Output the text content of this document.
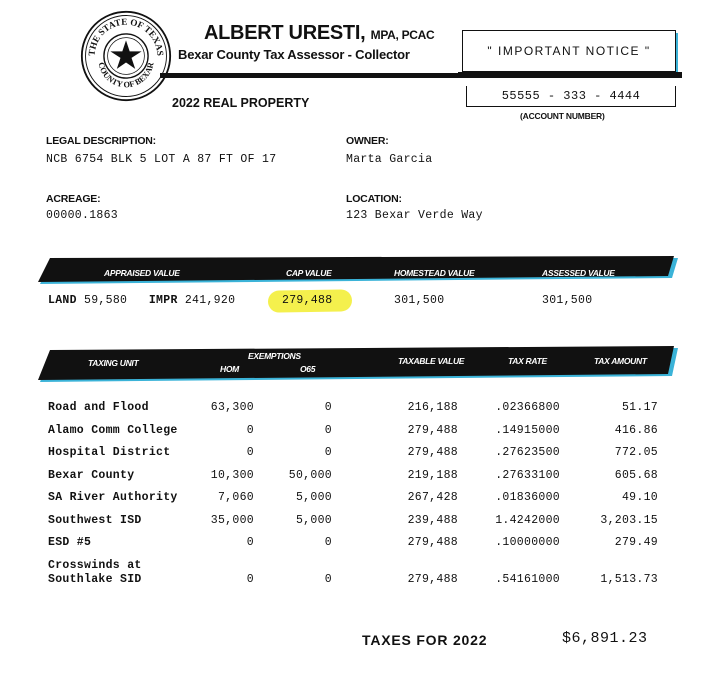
THE STATE OF TEXAS
COUNTY OF BEXAR
ALBERT URESTI, MPA, PCAC
Bexar County Tax Assessor - Collector	" IMPORTANT NOTICE "
2022 REAL PROPERTY	55555 - 333 - 4444
(ACCOUNT NUMBER)
LEGAL DESCRIPTION:
NCB 6754 BLK 5 LOT A 87 FT OF 17
OWNER:
Marta Garcia
ACREAGE:
00000.1863
LOCATION:
123 Bexar Verde Way
APPRAISED VALUE	CAP VALUE	HOMESTEAD VALUE	ASSESSED VALUE
LAND 59,580 IMPR 241,920	279,488	301,500	301,500
TAXING UNIT
EXEMPTIONS
HOM	O65
TAXABLE VALUE	TAX RATE	TAX AMOUNT
Road and Flood	63,300	0	216,188	.02366800	51.17
Alamo Comm College	0	0	279,488	.14915000	416.86
Hospital District	0	0	279,488	.27623500	772.05
Bexar County	10,300	50,000	219,188	.27633100	605.68
SA River Authority	7,060	5,000	267,428	.01836000	49.10
Southwest ISD	35,000	5,000	239,488	1.4242000	3,203.15
ESD #5	0	0	279,488	.10000000	279.49
Crosswinds at
Southlake SID	0	0	279,488	.54161000	1,513.73
TAXES FOR 2022	$6,891.23
